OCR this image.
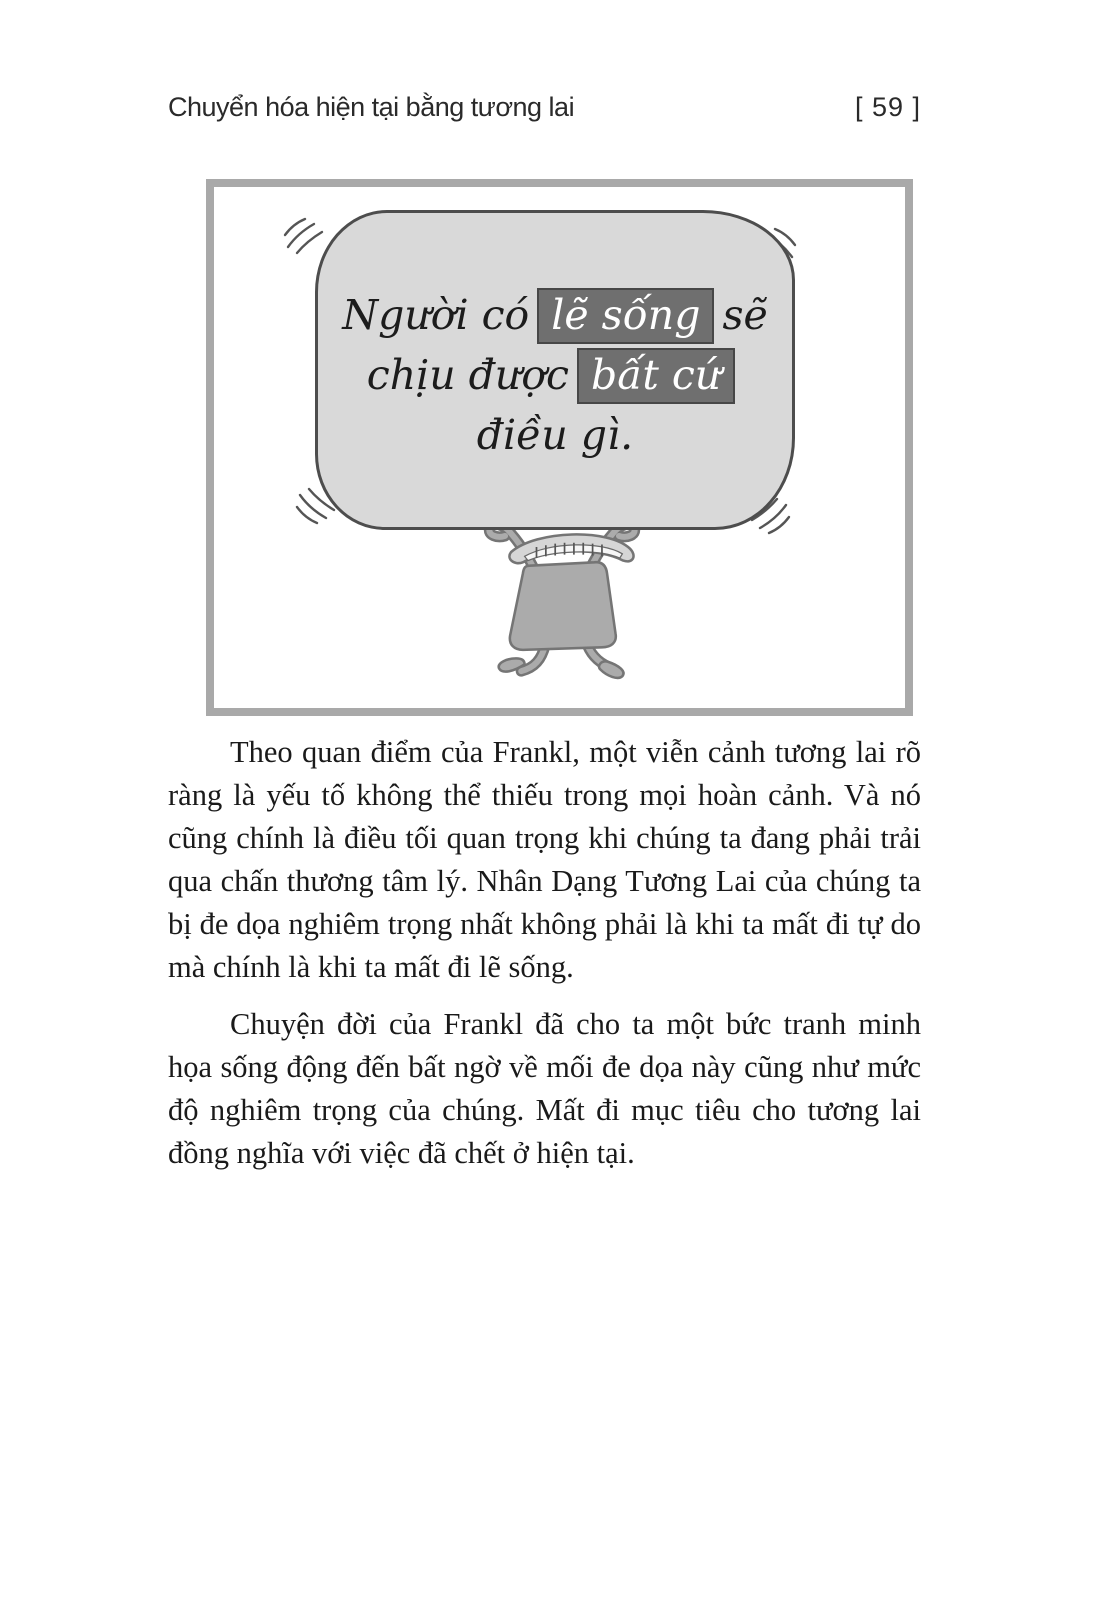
Chuyển hóa hiện tại bằng tương lai	[ 59 ]
Người có lẽ sống sẽ
chịu được bất cứ
điều gì.

Theo quan điểm của Frankl, một viễn cảnh tương lai rõ ràng là yếu tố không thể thiếu trong mọi hoàn cảnh. Và nó cũng chính là điều tối quan trọng khi chúng ta đang phải trải qua chấn thương tâm lý. Nhân Dạng Tương Lai của chúng ta bị đe dọa nghiêm trọng nhất không phải là khi ta mất đi tự do mà chính là khi ta mất đi lẽ sống.

Chuyện đời của Frankl đã cho ta một bức tranh minh họa sống động đến bất ngờ về mối đe dọa này cũng như mức độ nghiêm trọng của chúng. Mất đi mục tiêu cho tương lai đồng nghĩa với việc đã chết ở hiện tại.
